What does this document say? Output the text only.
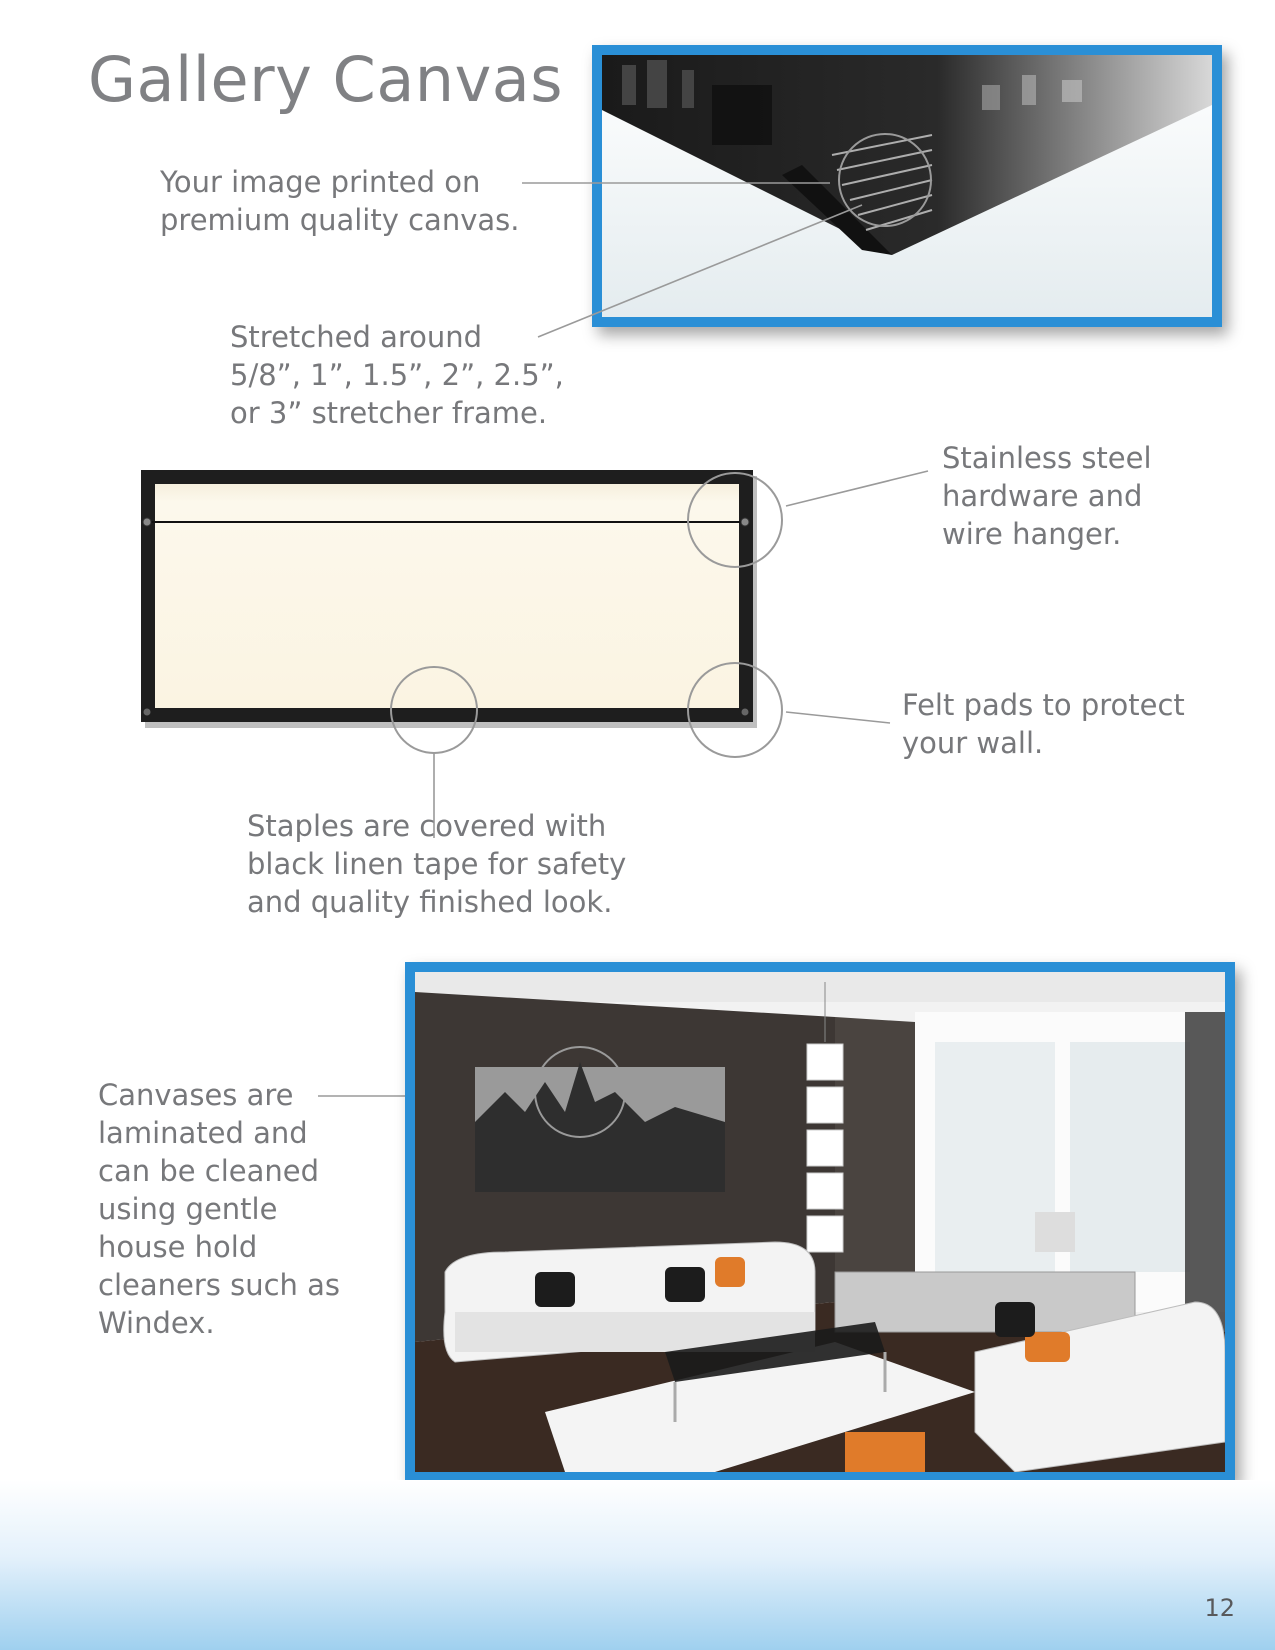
Gallery Canvas
Your image printed on
premium quality canvas.
Stretched around
5/8”, 1”, 1.5”, 2”, 2.5”,
or 3” stretcher frame.
Stainless steel
hardware and
wire hanger.
Felt pads to protect
your wall.
Staples are covered with
black linen tape for safety
and quality finished look.
Canvases are
laminated and
can be cleaned
using gentle
house hold
cleaners such as
Windex.
12
